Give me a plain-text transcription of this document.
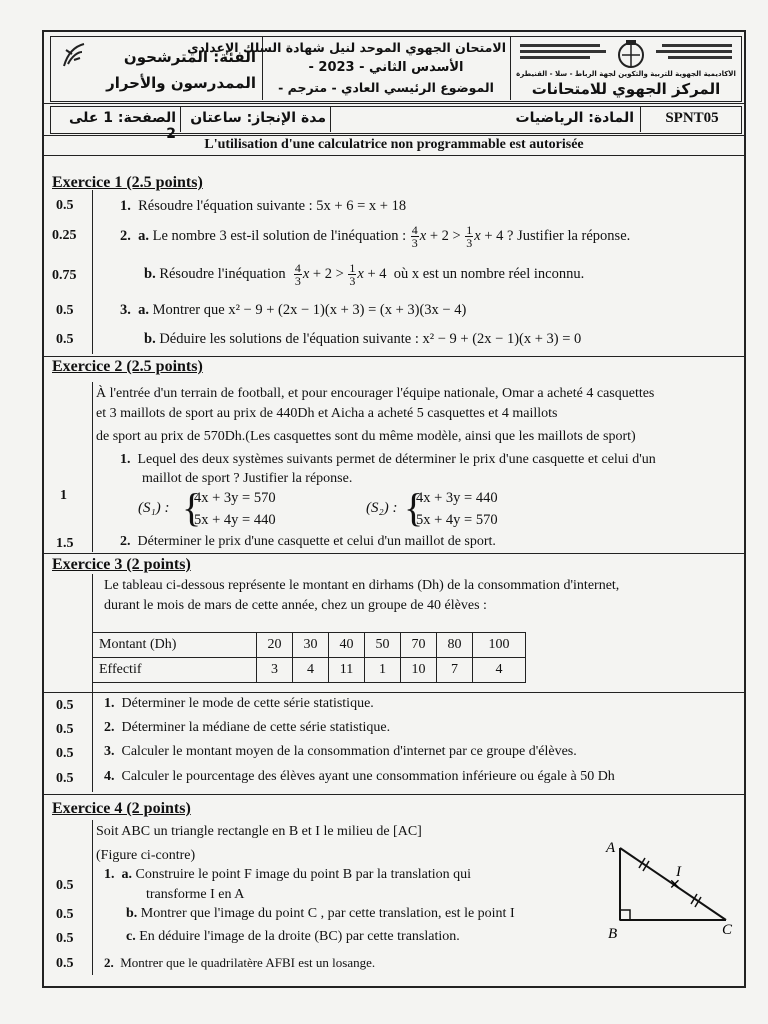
الفئة: المترشحون الممدرسون والأحرار
الامتحان الجهوي الموحد لنيل شهادة السلك الإعدادي
الأسدس الثاني - 2023 -
الموضوع الرئيسي العادي - مترجم -
الأكاديمية الجهوية للتربية والتكوين لجهة الرباط - سلا - القنيطرة
المركز الجهوي للامتحانات
الصفحة: 1 على 2
مدة الإنجاز: ساعتان	المادة: الرياضيات	SPNT05
L'utilisation d'une calculatrice non programmable est autorisée
Exercice 1 (2.5 points)
0.5	1. Résoudre l'équation suivante : 5x + 6 = x + 18
0.25	2. a. Le nombre 3 est-il solution de l'inéquation : $\frac{4}{3}$ $x + 2 > \frac{1}{3}$ x + 4 ? Justifier la réponse.
0.75	b. Résoudre l'inéquation $\frac{4}{3}$ $x + 2 > \frac{1}{3}$ x + 4  où x est un nombre réel inconnu.
0.5	3. a. Montrer que x² − 9 + (2x − 1)(x + 3) = (x + 3)(3x − 4)
0.5	b. Déduire les solutions de l'équation suivante : x² − 9 + (2x − 1)(x + 3) = 0
Exercice 2 (2.5 points)
À l'entrée d'un terrain de football, et pour encourager l'équipe nationale, Omar a acheté 4 casquettes
et 3 maillots de sport au prix de 440Dh et Aicha a acheté 5 casquettes et 4 maillots
de sport au prix de 570Dh.(Les casquettes sont du même modèle, ainsi que les maillots de sport)
1. Lequel des deux systèmes suivants permet de déterminer le prix d'une casquette et celui d'un
maillot de sport ? Justifier la réponse.
1
(S₁) : {
4x + 3y = 570
5x + 4y = 440
(S₂) : {
4x + 3y = 440
5x + 4y = 570
1.5	2. Déterminer le prix d'une casquette et celui d'un maillot de sport.
Exercice 3 (2 points)
Le tableau ci-dessous représente le montant en dirhams (Dh) de la consommation d'internet,
durant le mois de mars de cette année, chez un groupe de 40 élèves :
Montant (Dh)	20	30	40	50	70	80	100
Effectif	3	4	11	1	10	7	4
0.5 1. Déterminer le mode de cette série statistique.
0.5 2. Déterminer la médiane de cette série statistique.
0.5 3. Calculer le montant moyen de la consommation d'internet par ce groupe d'élèves.
0.5 4. Calculer le pourcentage des élèves ayant une consommation inférieure ou égale à 50 Dh
Exercice 4 (2 points)
Soit ABC un triangle rectangle en B et I le milieu de [AC]
(Figure ci-contre)
0.5
1. a. Construire le point F image du point B par la translation qui
transforme I en A
0.5	b. Montrer que l'image du point C , par cette translation, est le point I
0.5	c. En déduire l'image de la droite (BC) par cette translation.
0.5 2. Montrer que le quadrilatère AFBI est un losange.
A
B	C
I
✕
